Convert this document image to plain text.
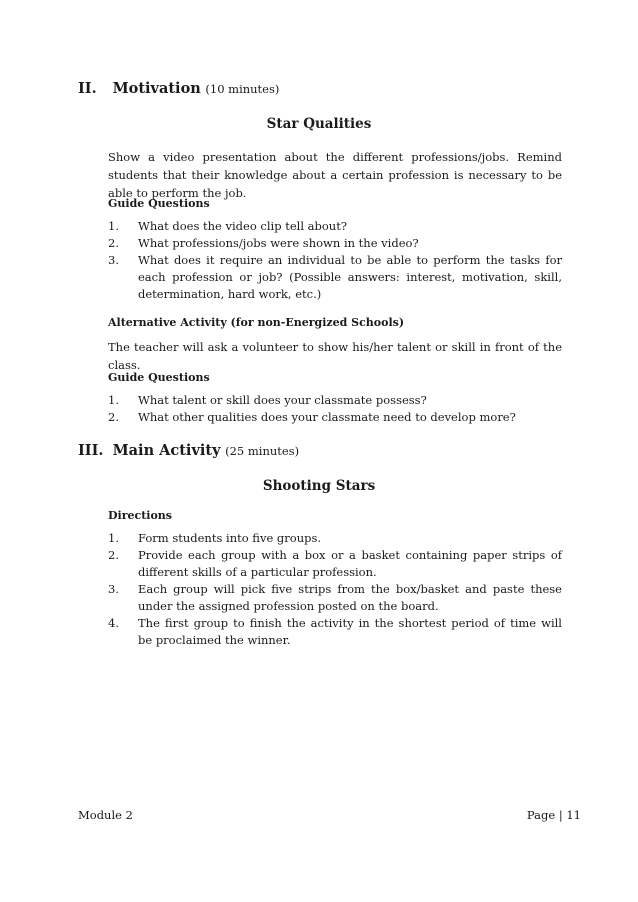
II. Motivation (10 minutes)
Star Qualities
Show a video presentation about the different professions/jobs. Remind students that their knowledge about a certain profession is necessary to be able to perform the job.
Guide Questions
1. What does the video clip tell about?
2. What professions/jobs were shown in the video?
3. What does it require an individual to be able to perform the tasks for each profession or job? (Possible answers: interest, motivation, skill, determination, hard work, etc.)
Alternative Activity (for non-Energized Schools)
The teacher will ask a volunteer to show his/her talent or skill in front of the class.
Guide Questions
1. What talent or skill does your classmate possess?
2. What other qualities does your classmate need to develop more?
III. Main Activity (25 minutes)
Shooting Stars
Directions
1. Form students into five groups.
2. Provide each group with a box or a basket containing paper strips of different skills of a particular profession.
3. Each group will pick five strips from the box/basket and paste these under the assigned profession posted on the board.
4. The first group to finish the activity in the shortest period of time will be proclaimed the winner.
Module 2	Page | 11
